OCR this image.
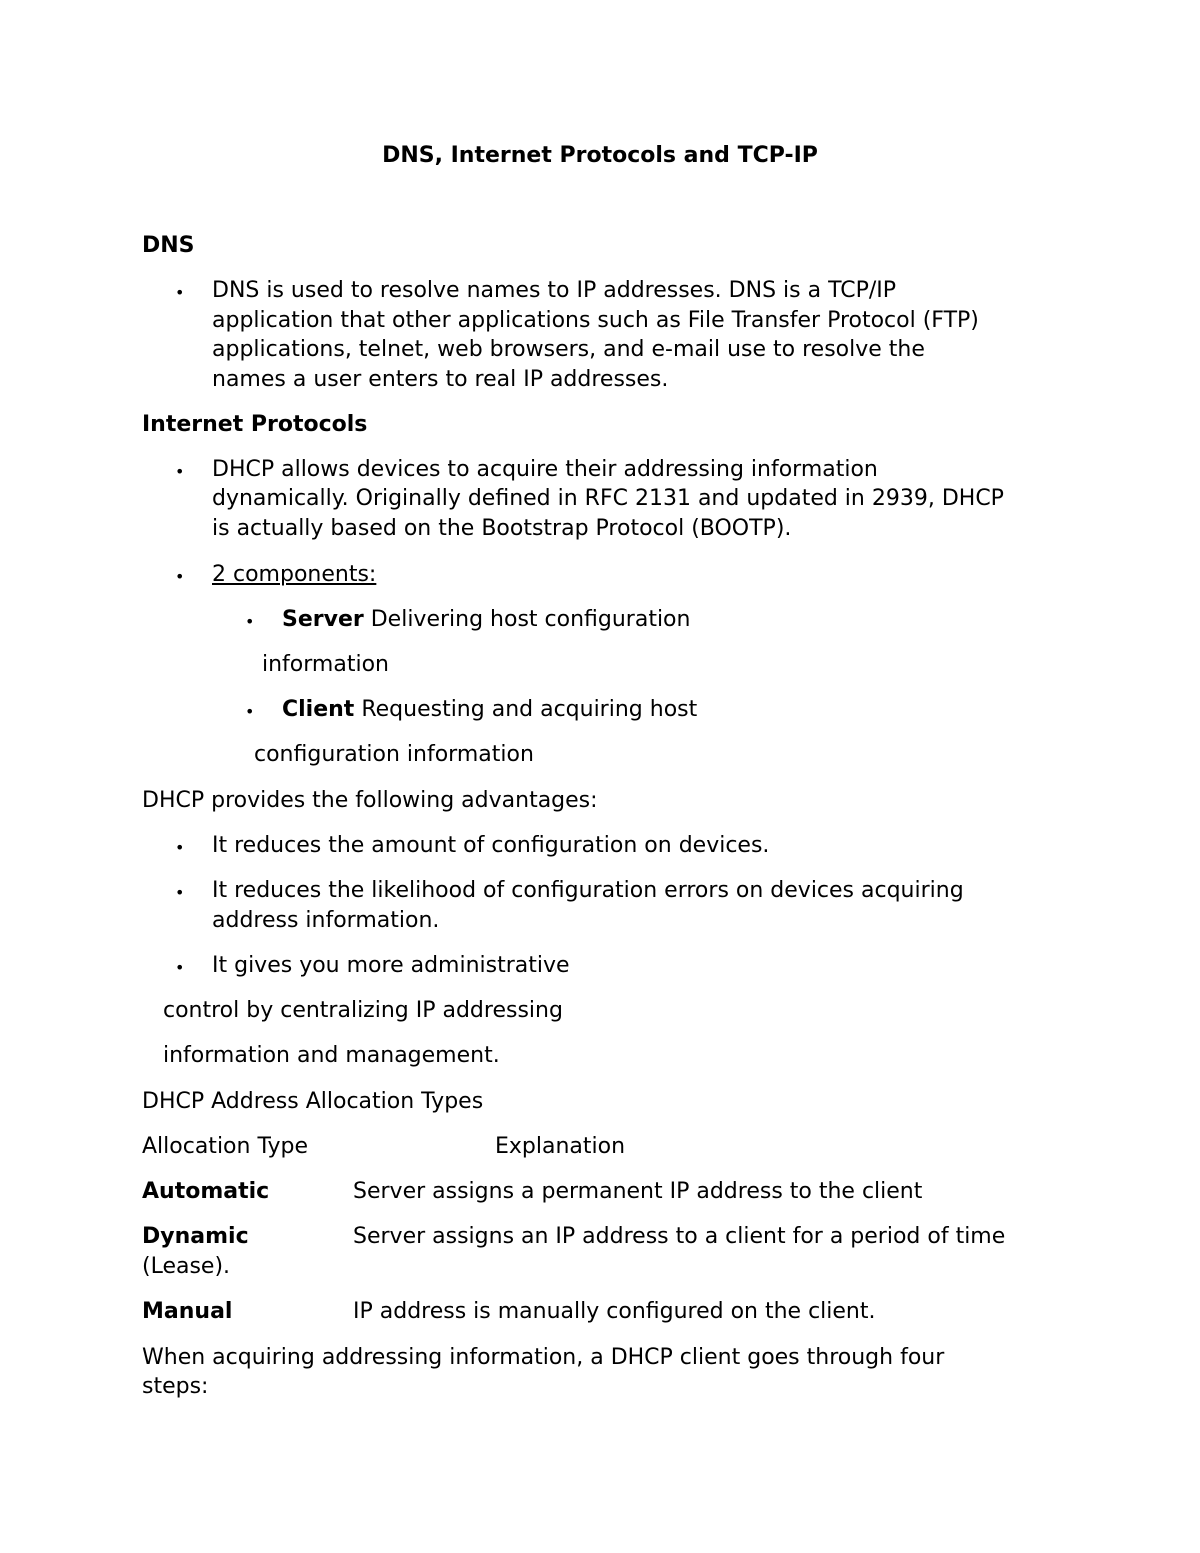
DNS, Internet Protocols and TCP-IP
DNS
• DNS is used to resolve names to IP addresses. DNS is a TCP/IP
application that other applications such as File Transfer Protocol (FTP)
applications, telnet, web browsers, and e-mail use to resolve the
names a user enters to real IP addresses.
Internet Protocols
• DHCP allows devices to acquire their addressing information
dynamically. Originally defined in RFC 2131 and updated in 2939, DHCP
is actually based on the Bootstrap Protocol (BOOTP).
• 2 components:
• Server Delivering host configuration
information
• Client Requesting and acquiring host
configuration information
DHCP provides the following advantages:
• It reduces the amount of configuration on devices.
• It reduces the likelihood of configuration errors on devices acquiring
address information.
• It gives you more administrative
control by centralizing IP addressing
information and management.
DHCP Address Allocation Types
Allocation Type	Explanation
Automatic	Server assigns a permanent IP address to the client
Dynamic	Server assigns an IP address to a client for a period of time
(Lease).
Manual	IP address is manually configured on the client.
When acquiring addressing information, a DHCP client goes through four
steps:
